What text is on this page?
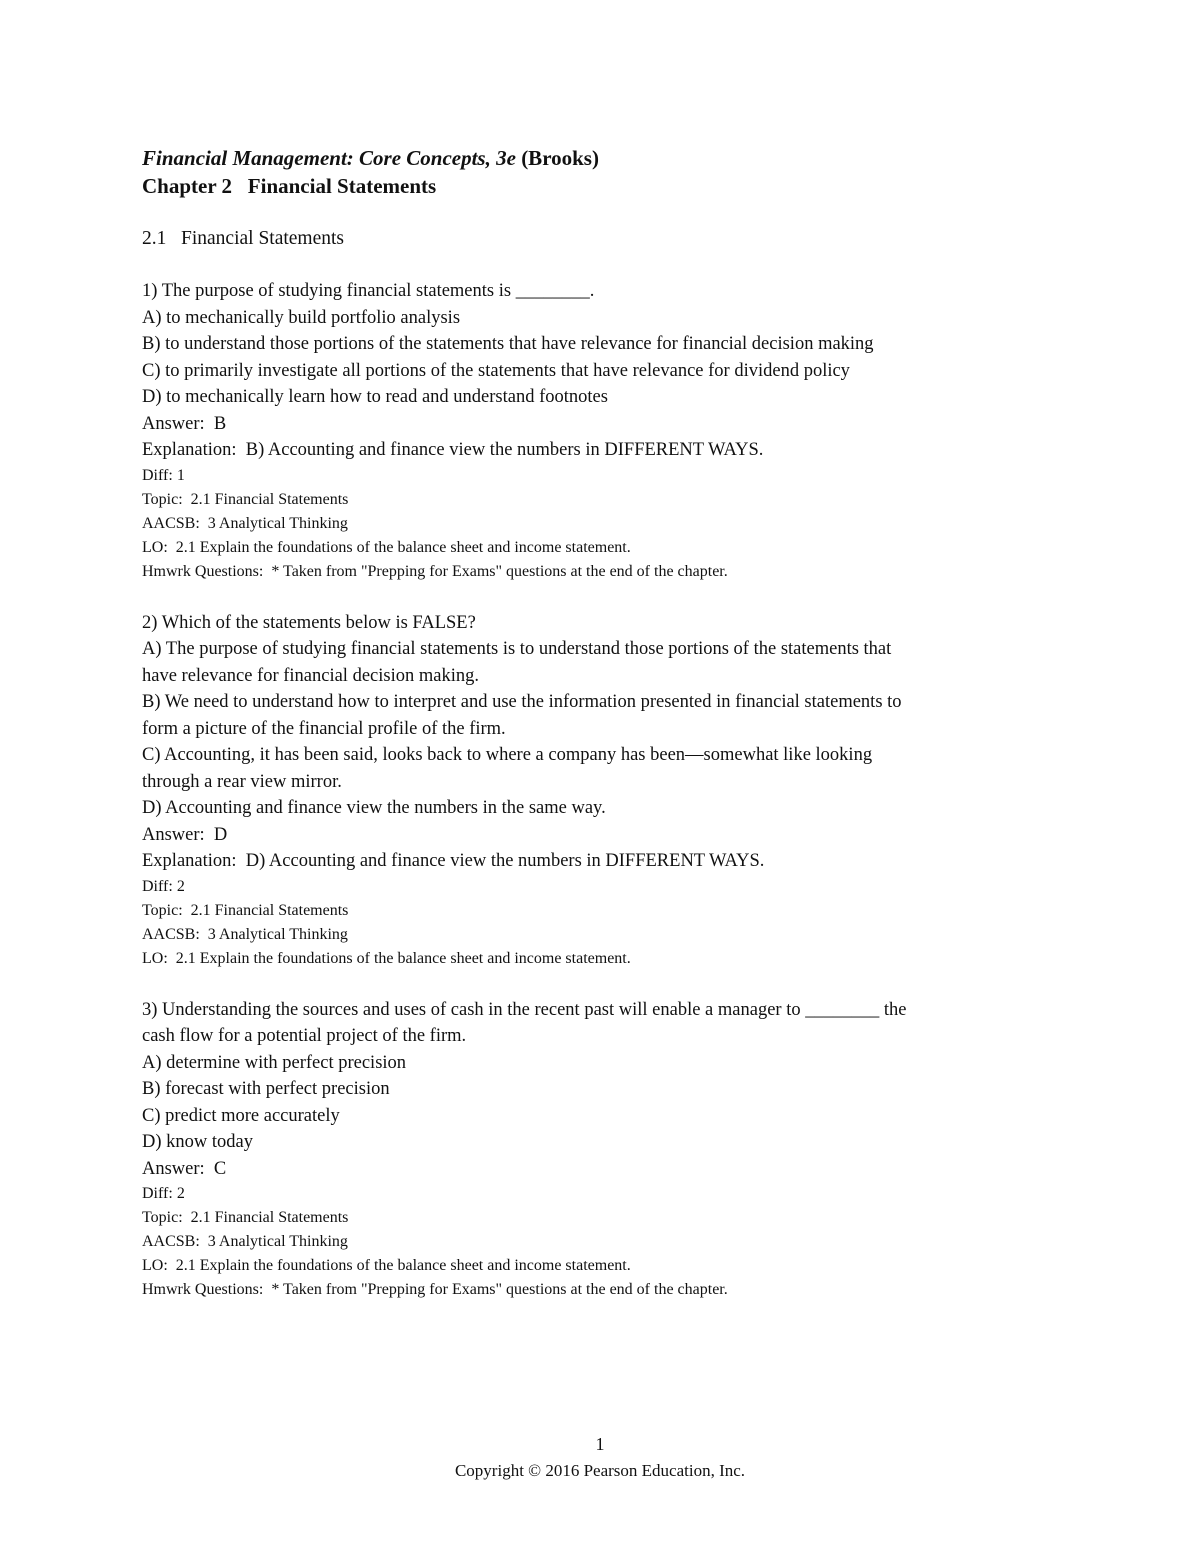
Financial Management: Core Concepts, 3e (Brooks)

Chapter 2   Financial Statements

2.1   Financial Statements

1) The purpose of studying financial statements is ________.

A) to mechanically build portfolio analysis

B) to understand those portions of the statements that have relevance for financial decision making

C) to primarily investigate all portions of the statements that have relevance for dividend policy

D) to mechanically learn how to read and understand footnotes

Answer:  B

Explanation:  B) Accounting and finance view the numbers in DIFFERENT WAYS.

Diff: 1

Topic:  2.1 Financial Statements

AACSB:  3 Analytical Thinking

LO:  2.1 Explain the foundations of the balance sheet and income statement.

Hmwrk Questions:  * Taken from "Prepping for Exams" questions at the end of the chapter.

2) Which of the statements below is FALSE?

A) The purpose of studying financial statements is to understand those portions of the statements that

have relevance for financial decision making.

B) We need to understand how to interpret and use the information presented in financial statements to

form a picture of the financial profile of the firm.

C) Accounting, it has been said, looks back to where a company has been—somewhat like looking

through a rear view mirror.

D) Accounting and finance view the numbers in the same way.

Answer:  D

Explanation:  D) Accounting and finance view the numbers in DIFFERENT WAYS.

Diff: 2

Topic:  2.1 Financial Statements

AACSB:  3 Analytical Thinking

LO:  2.1 Explain the foundations of the balance sheet and income statement.

3) Understanding the sources and uses of cash in the recent past will enable a manager to ________ the

cash flow for a potential project of the firm.

A) determine with perfect precision

B) forecast with perfect precision

C) predict more accurately

D) know today

Answer:  C

Diff: 2

Topic:  2.1 Financial Statements

AACSB:  3 Analytical Thinking

LO:  2.1 Explain the foundations of the balance sheet and income statement.

Hmwrk Questions:  * Taken from "Prepping for Exams" questions at the end of the chapter.

1
Copyright © 2016 Pearson Education, Inc.
